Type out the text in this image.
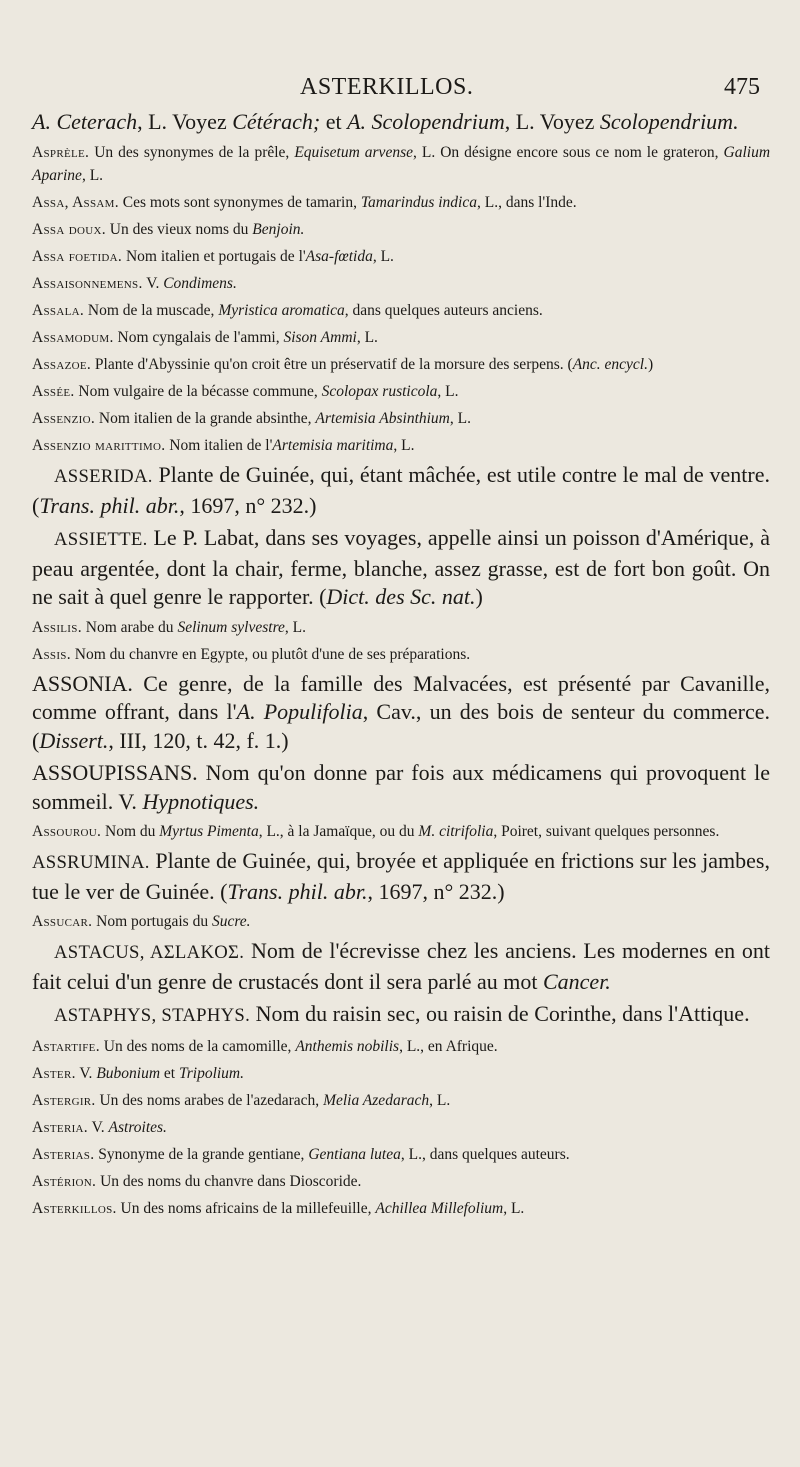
ASTERKILLOS.	475

A. Ceterach, L. Voyez Cétérach; et A. Scolopendrium, L. Voyez Scolopendrium.

Asprèle. Un des synonymes de la prêle, Equisetum arvense, L. On désigne encore sous ce nom le grateron, Galium Aparine, L.

Assa, Assam. Ces mots sont synonymes de tamarin, Tamarindus indica, L., dans l'Inde.

Assa doux. Un des vieux noms du Benjoin.

Assa foetida. Nom italien et portugais de l'Asa-fœtida, L.

Assaisonnemens. V. Condimens.

Assala. Nom de la muscade, Myristica aromatica, dans quelques auteurs anciens.

Assamodum. Nom cyngalais de l'ammi, Sison Ammi, L.

Assazoe. Plante d'Abyssinie qu'on croit être un préservatif de la morsure des serpens. (Anc. encycl.)

Assée. Nom vulgaire de la bécasse commune, Scolopax rusticola, L.

Assenzio. Nom italien de la grande absinthe, Artemisia Absinthium, L.

Assenzio marittimo. Nom italien de l'Artemisia maritima, L.

ASSERIDA. Plante de Guinée, qui, étant mâchée, est utile contre le mal de ventre. (Trans. phil. abr., 1697, n° 232.)

ASSIETTE. Le P. Labat, dans ses voyages, appelle ainsi un poisson d'Amérique, à peau argentée, dont la chair, ferme, blanche, assez grasse, est de fort bon goût. On ne sait à quel genre le rapporter. (Dict. des Sc. nat.)

Assilis. Nom arabe du Selinum sylvestre, L.

Assis. Nom du chanvre en Egypte, ou plutôt d'une de ses préparations.

ASSONIA. Ce genre, de la famille des Malvacées, est présenté par Cavanille, comme offrant, dans l'A. Populifolia, Cav., un des bois de senteur du commerce. (Dissert., III, 120, t. 42, f. 1.)

ASSOUPISSANS. Nom qu'on donne par fois aux médicamens qui provoquent le sommeil. V. Hypnotiques.

Assourou. Nom du Myrtus Pimenta, L., à la Jamaïque, ou du M. citrifolia, Poiret, suivant quelques personnes.

ASSRUMINA. Plante de Guinée, qui, broyée et appliquée en frictions sur les jambes, tue le ver de Guinée. (Trans. phil. abr., 1697, n° 232.)

Assucar. Nom portugais du Sucre.

ASTACUS, AΣLAΚOΣ. Nom de l'écrevisse chez les anciens. Les modernes en ont fait celui d'un genre de crustacés dont il sera parlé au mot Cancer.

ASTAPHYS, STAPHYS. Nom du raisin sec, ou raisin de Corinthe, dans l'Attique.

Astartife. Un des noms de la camomille, Anthemis nobilis, L., en Afrique.

Aster. V. Bubonium et Tripolium.

Astergir. Un des noms arabes de l'azedarach, Melia Azedarach, L.

Asteria. V. Astroites.

Asterias. Synonyme de la grande gentiane, Gentiana lutea, L., dans quelques auteurs.

Astérion. Un des noms du chanvre dans Dioscoride.

Asterkillos. Un des noms africains de la millefeuille, Achillea Millefolium, L.
